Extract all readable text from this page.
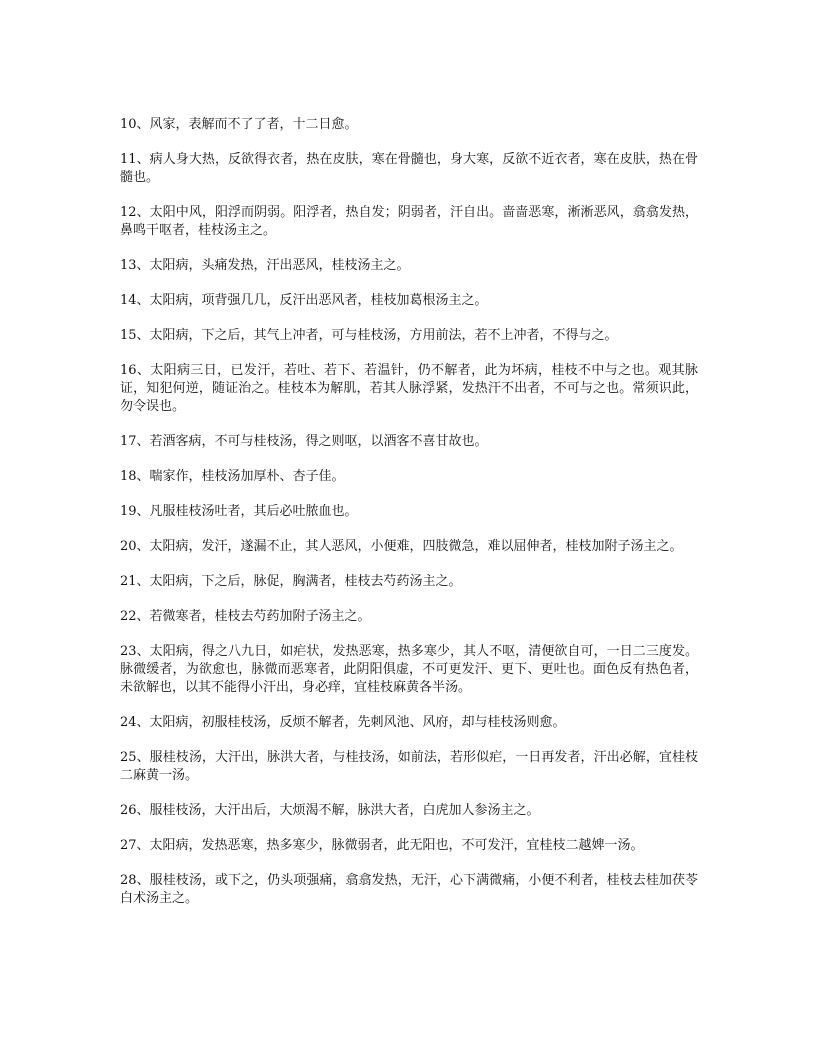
10、风家，表解而不了了者，十二日愈。

11、病人身大热，反欲得衣者，热在皮肤，寒在骨髓也，身大寒，反欲不近衣者，寒在皮肤，热在骨髓也。

12、太阳中风，阳浮而阴弱。阳浮者，热自发；阴弱者，汗自出。啬啬恶寒，淅淅恶风，翕翕发热，鼻鸣干呕者，桂枝汤主之。

13、太阳病，头痛发热，汗出恶风，桂枝汤主之。

14、太阳病，项背强几几，反汗出恶风者，桂枝加葛根汤主之。

15、太阳病，下之后，其气上冲者，可与桂枝汤，方用前法，若不上冲者，不得与之。

16、太阳病三日，已发汗，若吐、若下、若温针，仍不解者，此为坏病，桂枝不中与之也。观其脉证，知犯何逆，随证治之。桂枝本为解肌，若其人脉浮紧，发热汗不出者，不可与之也。常须识此，勿令误也。

17、若酒客病，不可与桂枝汤，得之则呕，以酒客不喜甘故也。

18、喘家作，桂枝汤加厚朴、杏子佳。

19、凡服桂枝汤吐者，其后必吐脓血也。

20、太阳病，发汗，遂漏不止，其人恶风，小便难，四肢微急，难以屈伸者，桂枝加附子汤主之。

21、太阳病，下之后，脉促，胸满者，桂枝去芍药汤主之。

22、若微寒者，桂枝去芍药加附子汤主之。

23、太阳病，得之八九日，如疟状，发热恶寒，热多寒少，其人不呕，清便欲自可，一日二三度发。脉微缓者，为欲愈也，脉微而恶寒者，此阴阳俱虚，不可更发汗、更下、更吐也。面色反有热色者，未欲解也，以其不能得小汗出，身必痒，宜桂枝麻黄各半汤。

24、太阳病，初服桂枝汤，反烦不解者，先刺风池、风府，却与桂枝汤则愈。

25、服桂枝汤，大汗出，脉洪大者，与桂技汤，如前法，若形似疟，一日再发者，汗出必解，宜桂枝二麻黄一汤。

26、服桂枝汤，大汗出后，大烦渴不解，脉洪大者，白虎加人参汤主之。

27、太阳病，发热恶寒，热多寒少，脉微弱者，此无阳也，不可发汗，宜桂枝二越婢一汤。

28、服桂枝汤，或下之，仍头项强痛，翕翕发热，无汗，心下满微痛，小便不利者，桂枝去桂加茯苓白术汤主之。
